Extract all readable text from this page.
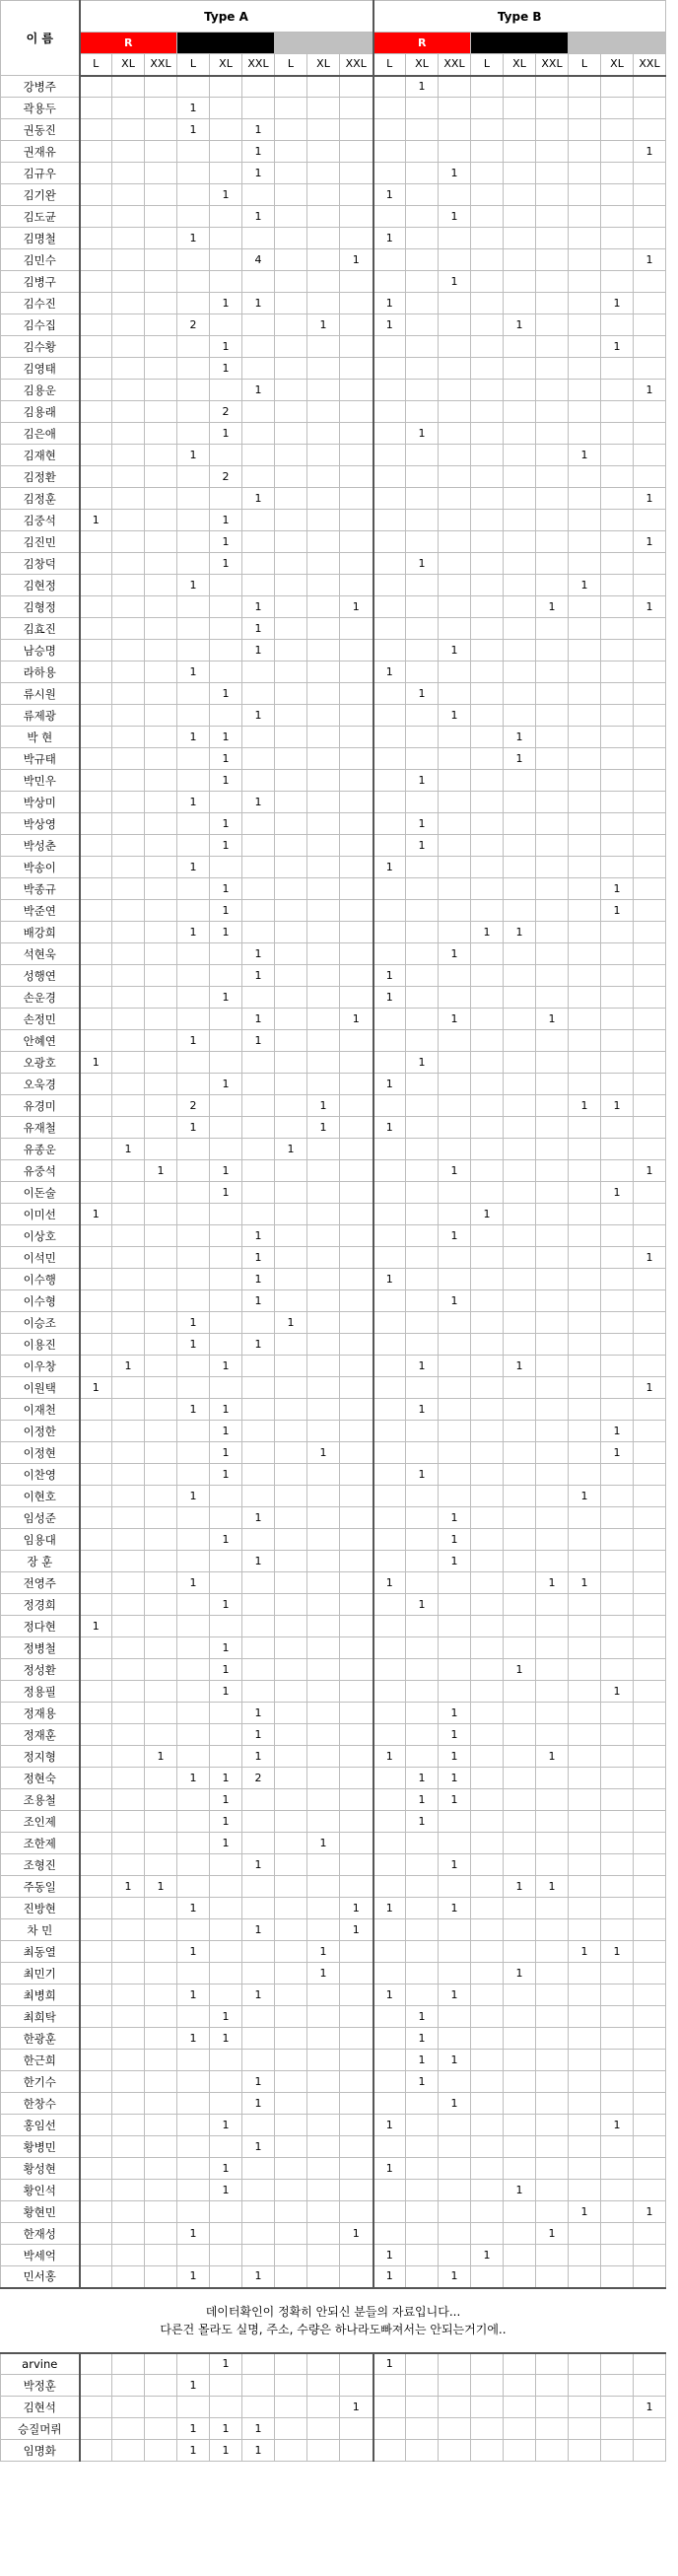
이 름	Type A									Type B								
	R									R								
	L	XL	XXL	L	XL	XXL	L	XL	XXL	L	XL	XXL	L	XL	XXL	L	XL	XXL
강병주											1							
곽용두				1														
권동진				1		1												
권재유						1												1
김규우						1						1						
김기완					1					1								
김도균						1						1						
김명철				1						1								
김민수						4			1									1
김병구												1						
김수진					1	1				1							1	
김수집				2				1		1				1				
김수황					1												1	
김영태					1													
김용운						1												1
김용래					2													
김은애					1						1							
김재현				1												1		
김정환					2													
김정훈						1												1
김중석	1				1													
김진민					1													1
김창덕					1						1							
김현정				1												1		
김형정						1			1						1			1
김효진						1												
남승명						1						1						
라하용				1						1								
류시원					1						1							
류제광						1						1						
박 현				1	1									1				
박규태					1									1				
박민우					1						1							
박상미				1		1												
박상영					1						1							
박성춘					1						1							
박송이				1						1								
박종규					1												1	
박준연					1												1	
배강희				1	1								1	1				
석현욱						1						1						
성행연						1				1								
손운경					1					1								
손정민						1			1			1			1			
안혜연				1		1												
오광호	1										1							
오욱경					1					1								
유경미				2				1								1	1	
유재철				1				1		1								
유종운		1					1											
유중석			1		1							1						1
이돈술					1												1	
이미선	1												1					
이상호						1						1						
이석민						1												1
이수행						1				1								
이수형						1						1						
이승조				1			1											
이용진				1		1												
이우창		1			1						1			1				
이원택	1																	1
이재천				1	1						1							
이정한					1												1	
이정현					1			1									1	
이찬영					1						1							
이현호				1												1		
임성준						1						1						
임용대					1							1						
장 훈						1						1						
전영주				1						1					1	1		
정경희					1						1							
정다현	1																	
정병철					1													
정성환					1									1				
정용필					1												1	
정재용						1						1						
정재훈						1						1						
정지형			1			1				1		1			1			
정현숙				1	1	2					1	1						
조용철					1						1	1						
조인제					1						1							
조한제					1			1										
조형진						1						1						
주동일		1	1											1	1			
진방현				1					1	1		1						
차 민						1			1									
최동열				1				1								1	1	
최민기								1						1				
최병희				1		1				1		1						
최희탁					1						1							
한광훈				1	1						1							
한근희											1	1						
한기수						1					1							
한창수						1						1						
홍임선					1					1							1	
황병민						1												
황성현					1					1								
황인석					1									1				
황현민																1		1
한재성				1					1						1			
박세억										1			1					
민서홍				1		1				1		1						

데이터확인이 정확히 안되신 분들의 자료입니다...
다른건 몰라도 실명, 주소, 수량은 하나라도빠져서는 안되는거기에..																		

arvine					1					1								
박정훈				1														
김현석									1									1
승질머뤼				1	1	1												
임명화				1	1	1												
